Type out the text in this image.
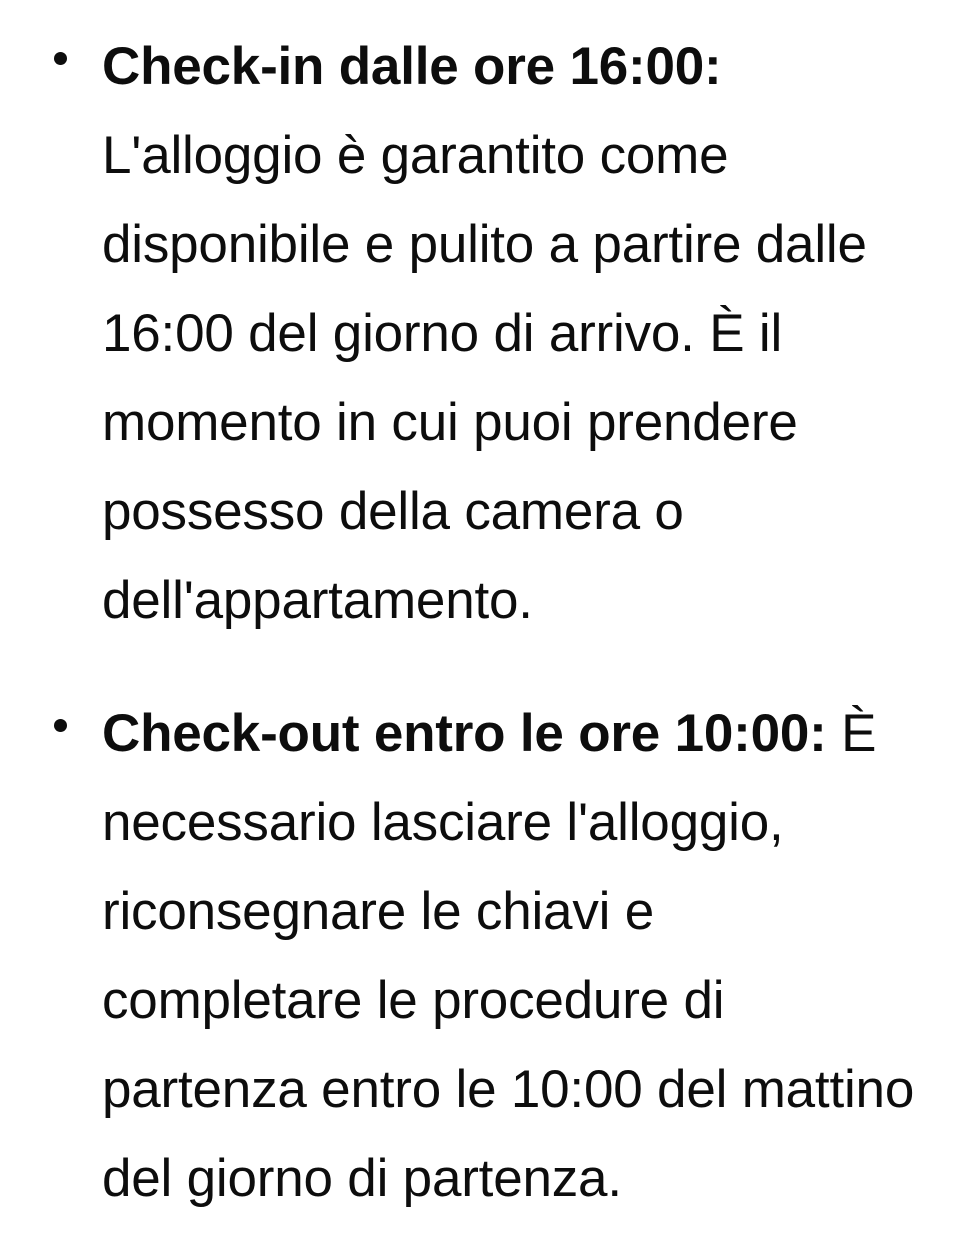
Check-in dalle ore 16:00: L'alloggio è garantito come disponibile e pulito a partire dalle 16:00 del giorno di arrivo. È il momento in cui puoi prendere possesso della camera o dell'appartamento.
Check-out entro le ore 10:00: È necessario lasciare l'alloggio, riconsegnare le chiavi e completare le procedure di partenza entro le 10:00 del mattino del giorno di partenza.
